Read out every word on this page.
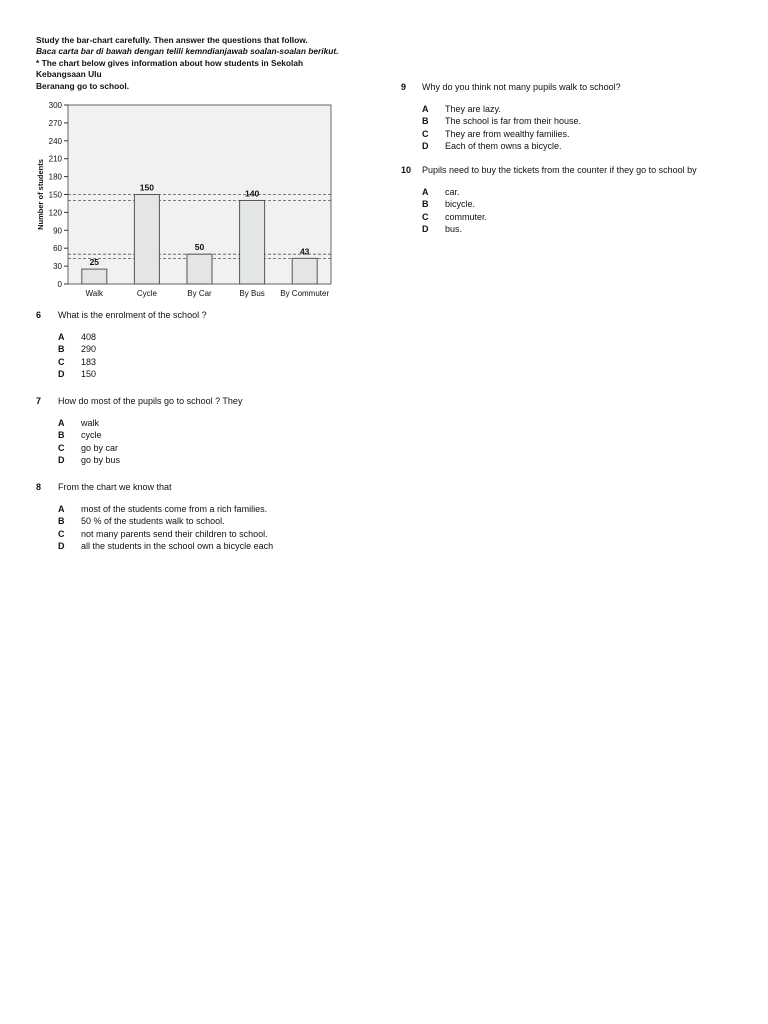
Study the bar-chart carefully. Then answer the questions that follow.
Baca carta bar di bawah dengan telili kemndianjawab soalan-soalan berikut.
* The chart below gives information about how students in Sekolah
Kebangsaan Ulu
Beranang go to school.
0
30
60
90
120
150
180
210
240
270
300
Number of students
25
Walk
150
Cycle
50
By Car
140
By Bus
43
By Commuter
6 What is the enrolment of the school ?
A 408
B 290
C 183
D 150
7 How do most of the pupils go to school ? They
A walk
B cycle
C go by car
D go by bus
8 From the chart we know that
A most of the students come from a rich families.
B 50 % of the students walk to school.
C not many parents send their children to school.
D all the students in the school own a bicycle each
9 Why do you think not many pupils walk to school?
A They are lazy.
B The school is far from their house.
C They are from wealthy families.
D Each of them owns a bicycle.
10 Pupils need to buy the tickets from the counter if they go to school by
A car.
B bicycle.
C commuter.
D bus.
